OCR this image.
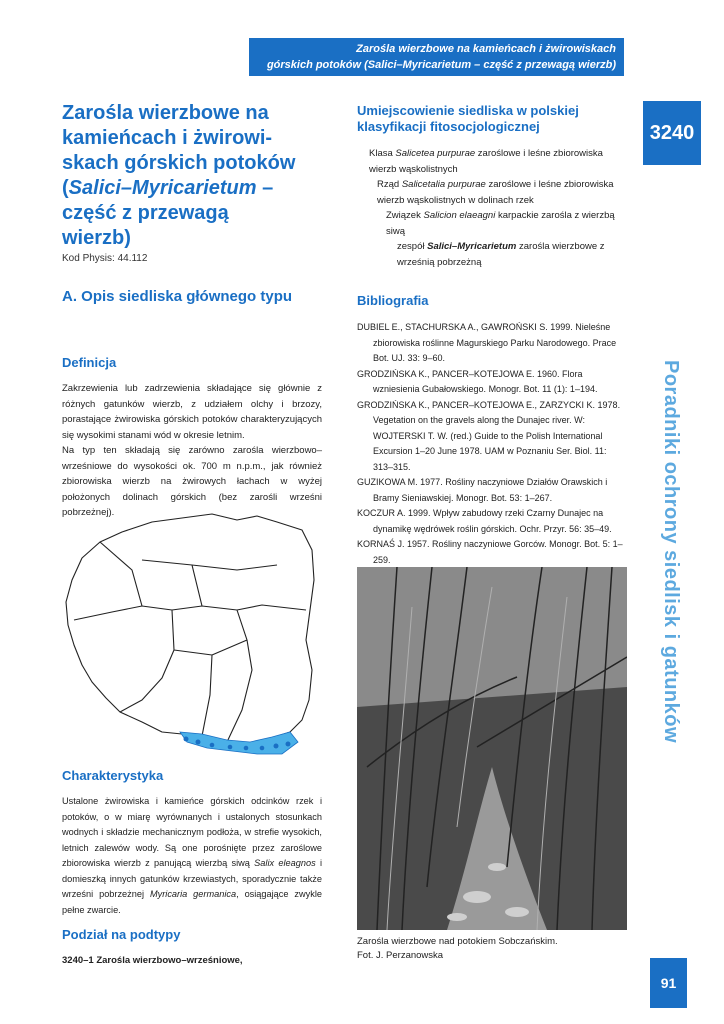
Zarośla wierzbowe na kamieńcach i żwirowiskach
górskich potoków (Salici–Myricarietum – część z przewagą wierzb)
3240
Poradniki ochrony siedlisk i gatunków
91
Zarośla wierzbowe na
kamieńcach i żwirowi-
skach górskich potoków
(Salici–Myricarietum –
część z przewagą
wierzb)
Kod Physis: 44.112
A. Opis siedliska głównego typu
Definicja

Zakrzewienia lub zadrzewienia składające się głównie z różnych gatunków wierzb, z udziałem olchy i brzozy, porastające żwirowiska górskich potoków charakteryzujących się wysokimi stanami wód w okresie letnim.

Na typ ten składają się zarówno zarośla wierzbowo–wrześniowe do wysokości ok. 700 m n.p.m., jak również zbiorowiska wierzb na żwirowych łachach w wyżej położonych dolinach górskich (bez zarośli wrześni pobrzeżnej).

Charakterystyka
Ustalone żwirowiska i kamieńce górskich odcinków rzek i potoków, o w miarę wyrównanych i ustalonych stosunkach wodnych i składzie mechanicznym podłoża, w strefie wysokich, letnich zalewów wody. Są one porośnięte przez zaroślowe zbiorowiska wierzb z panującą wierzbą siwą Salix eleagnos i domieszką innych gatunków krzewiastych, sporadycznie także wrześni pobrzeżnej Myricaria germanica, osiągające zwykle pełne zwarcie.
Podział na podtypy
3240–1 Zarośla wierzbowo–wrześniowe,
Umiejscowienie siedliska w polskiej klasyfikacji fitosocjologicznej
Klasa Salicetea purpurae zaroślowe i leśne zbiorowiska wierzb wąskolistnych
Rząd Salicetalia purpurae zaroślowe i leśne zbiorowiska wierzb wąskolistnych w dolinach rzek
Związek Salicion elaeagni karpackie zarośla z wierzbą siwą
zespół Salici–Myricarietum zarośla wierzbowe z wrześnią pobrzeżną
Bibliografia
DUBIEL E., STACHURSKA A., GAWROŃSKI S. 1999. Nieleśne zbiorowiska roślinne Magurskiego Parku Narodowego. Prace Bot. UJ. 33: 9–60.
GRODZIŃSKA K., PANCER–KOTEJOWA E. 1960. Flora wzniesienia Gubałowskiego. Monogr. Bot. 11 (1): 1–194.
GRODZIŃSKA K., PANCER–KOTEJOWA E., ZARZYCKI K. 1978. Vegetation on the gravels along the Dunajec river. W: WOJTERSKI T. W. (red.) Guide to the Polish International Excursion 1–20 June 1978. UAM w Poznaniu Ser. Biol. 11: 313–315.
GUZIKOWA M. 1977. Rośliny naczyniowe Działów Orawskich i Bramy Sieniawskiej. Monogr. Bot. 53: 1–267.
KOCZUR A. 1999. Wpływ zabudowy rzeki Czarny Dunajec na dynamikę wędrówek roślin górskich. Ochr. Przyr. 56: 35–49.
KORNAŚ J. 1957. Rośliny naczyniowe Gorców. Monogr. Bot. 5: 1–259.
Zarośla wierzbowe nad potokiem Sobczańskim.
Fot. J. Perzanowska
